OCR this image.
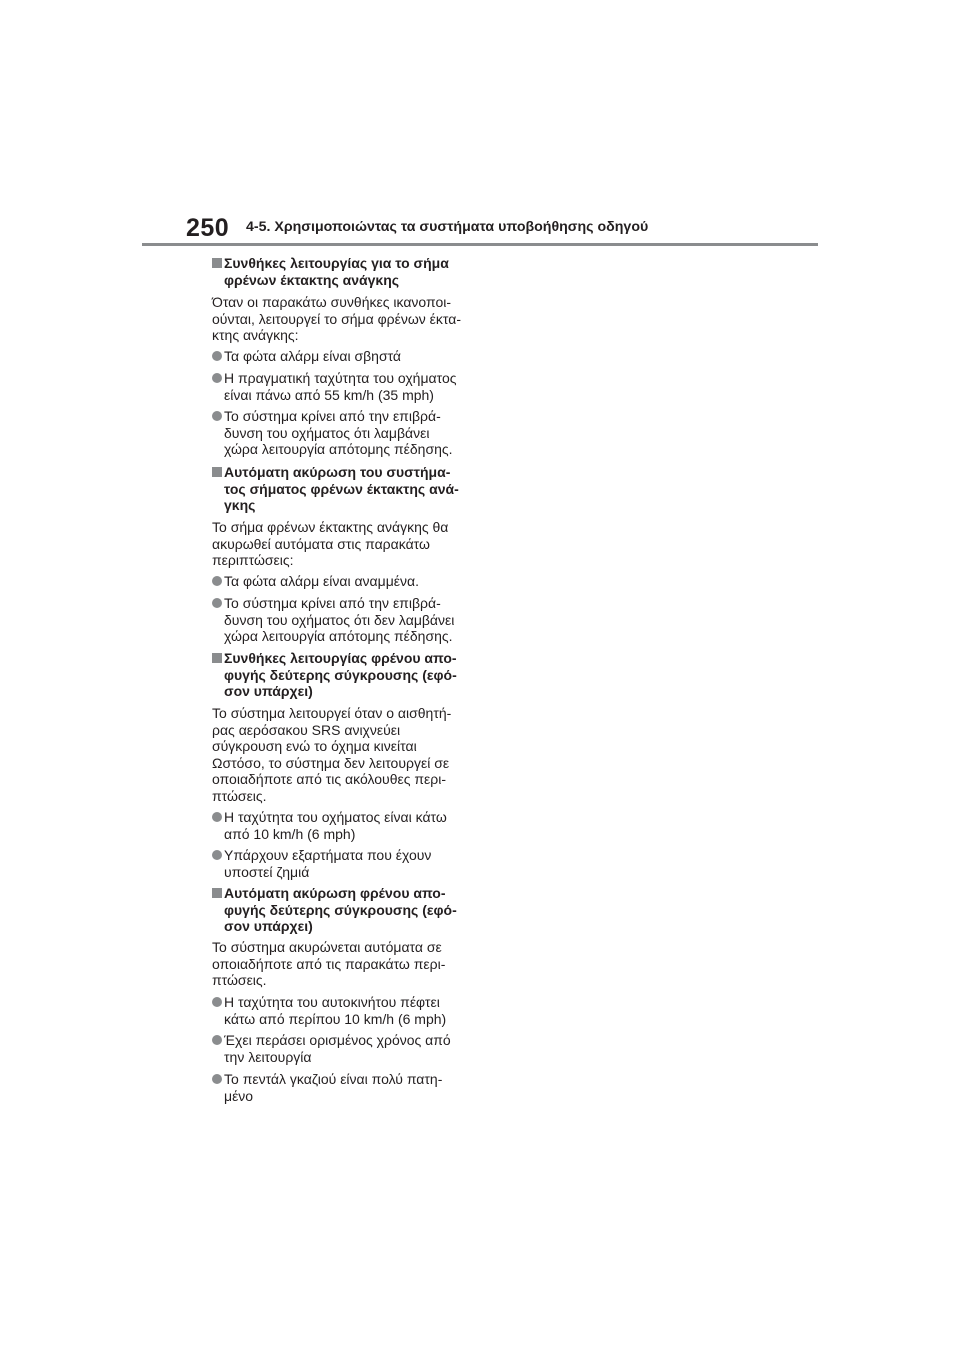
250 4-5. Χρησιμοποιώντας τα συστήματα υποβοήθησης οδηγού
Συνθήκες λειτουργίας για το σήμα
φρένων έκτακτης ανάγκης
Όταν οι παρακάτω συνθήκες ικανοποι-
ούνται, λειτουργεί το σήμα φρένων έκτα-
κτης ανάγκης:
Τα φώτα αλάρμ είναι σβηστά
Η πραγματική ταχύτητα του οχήματος
είναι πάνω από 55 km/h (35 mph)
Το σύστημα κρίνει από την επιβρά-
δυνση του οχήματος ότι λαμβάνει
χώρα λειτουργία απότομης πέδησης.
Αυτόματη ακύρωση του συστήμα-
τος σήματος φρένων έκτακτης ανά-
γκης
Το σήμα φρένων έκτακτης ανάγκης θα
ακυρωθεί αυτόματα στις παρακάτω
περιπτώσεις:
Τα φώτα αλάρμ είναι αναμμένα.
Το σύστημα κρίνει από την επιβρά-
δυνση του οχήματος ότι δεν λαμβάνει
χώρα λειτουργία απότομης πέδησης.
Συνθήκες λειτουργίας φρένου απο-
φυγής δεύτερης σύγκρουσης (εφό-
σον υπάρχει)
Το σύστημα λειτουργεί όταν ο αισθητή-
ρας αερόσακου SRS ανιχνεύει
σύγκρουση ενώ το όχημα κινείται
Ωστόσο, το σύστημα δεν λειτουργεί σε
οποιαδήποτε από τις ακόλουθες περι-
πτώσεις.
Η ταχύτητα του οχήματος είναι κάτω
από 10 km/h (6 mph)
Υπάρχουν εξαρτήματα που έχουν
υποστεί ζημιά
Αυτόματη ακύρωση φρένου απο-
φυγής δεύτερης σύγκρουσης (εφό-
σον υπάρχει)
Το σύστημα ακυρώνεται αυτόματα σε
οποιαδήποτε από τις παρακάτω περι-
πτώσεις.
Η ταχύτητα του αυτοκινήτου πέφτει
κάτω από περίπου 10 km/h (6 mph)
Έχει περάσει ορισμένος χρόνος από
την λειτουργία
Το πεντάλ γκαζιού είναι πολύ πατη-
μένο
